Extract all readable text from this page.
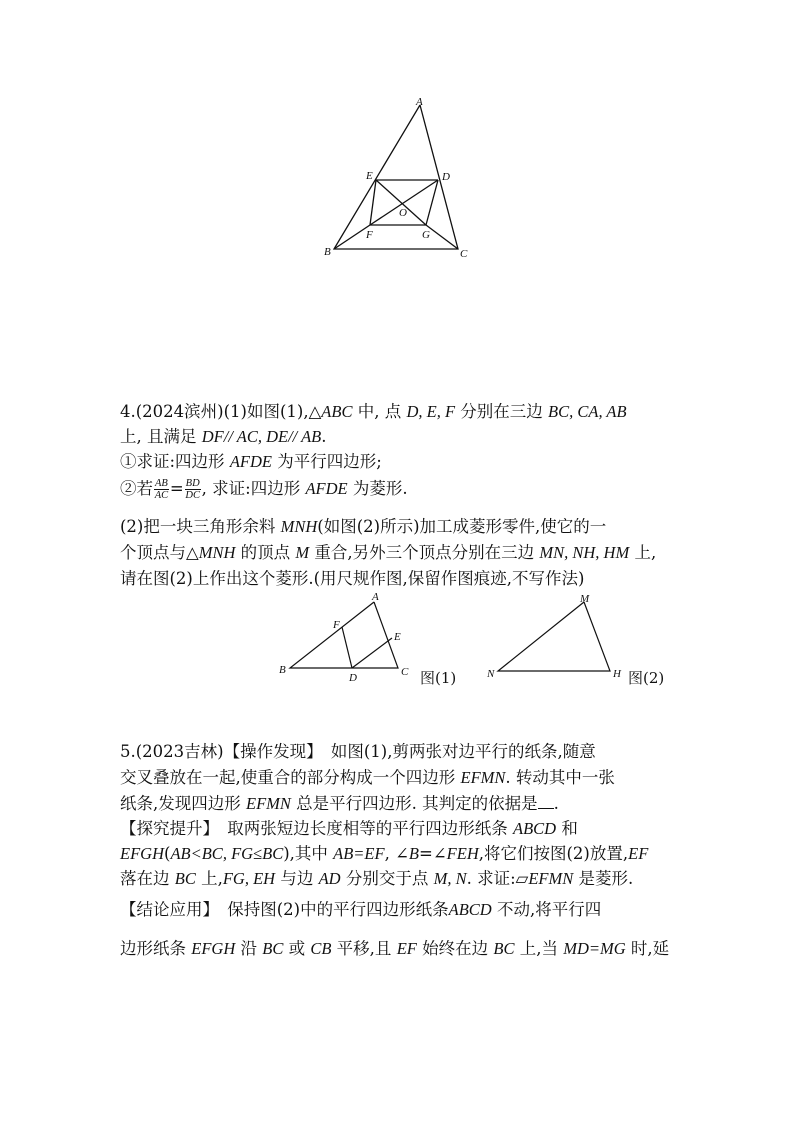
A
E	D
O
F	G
B	C
4.(2024滨州)(1)如图(1),△ABC 中, 点 D, E, F 分别在三边 BC, CA, AB
上, 且满足 DF// AC, DE// AB.
①求证:四边形 AFDE 为平行四边形;
②若 $\frac{AB}{AC} = \frac{BD}{DC}$ , 求证:四边形 AFDE 为菱形.
(2)把一块三角形余料 MNH(如图(2)所示)加工成菱形零件,使它的一
个顶点与△MNH 的顶点 M 重合,另外三个顶点分别在三边 MN, NH, HM 上,
请在图(2)上作出这个菱形.(用尺规作图,保留作图痕迹,不写作法)
A
F
E
B
D	C 图(1)
M
N	H 图(2)
5.(2023吉林)【操作发现】　如图(1),剪两张对边平行的纸条,随意
交叉叠放在一起,使重合的部分构成一个四边形 EFMN. 转动其中一张
纸条,发现四边形 EFMN 总是平行四边形. 其判定的依据是 .
【探究提升】　取两张短边长度相等的平行四边形纸条 ABCD 和
EFGH(AB<BC, FG≤BC),其中 AB=EF, ∠B=∠FEH,将它们按图(2)放置,EF
落在边 BC 上,FG, EH 与边 AD 分别交于点 M, N. 求证:▱EFMN 是菱形.
【结论应用】　保持图(2)中的平行四边形纸条ABCD 不动,将平行四
边形纸条 EFGH 沿 BC 或 CB 平移,且 EF 始终在边 BC 上,当 MD=MG 时,延
